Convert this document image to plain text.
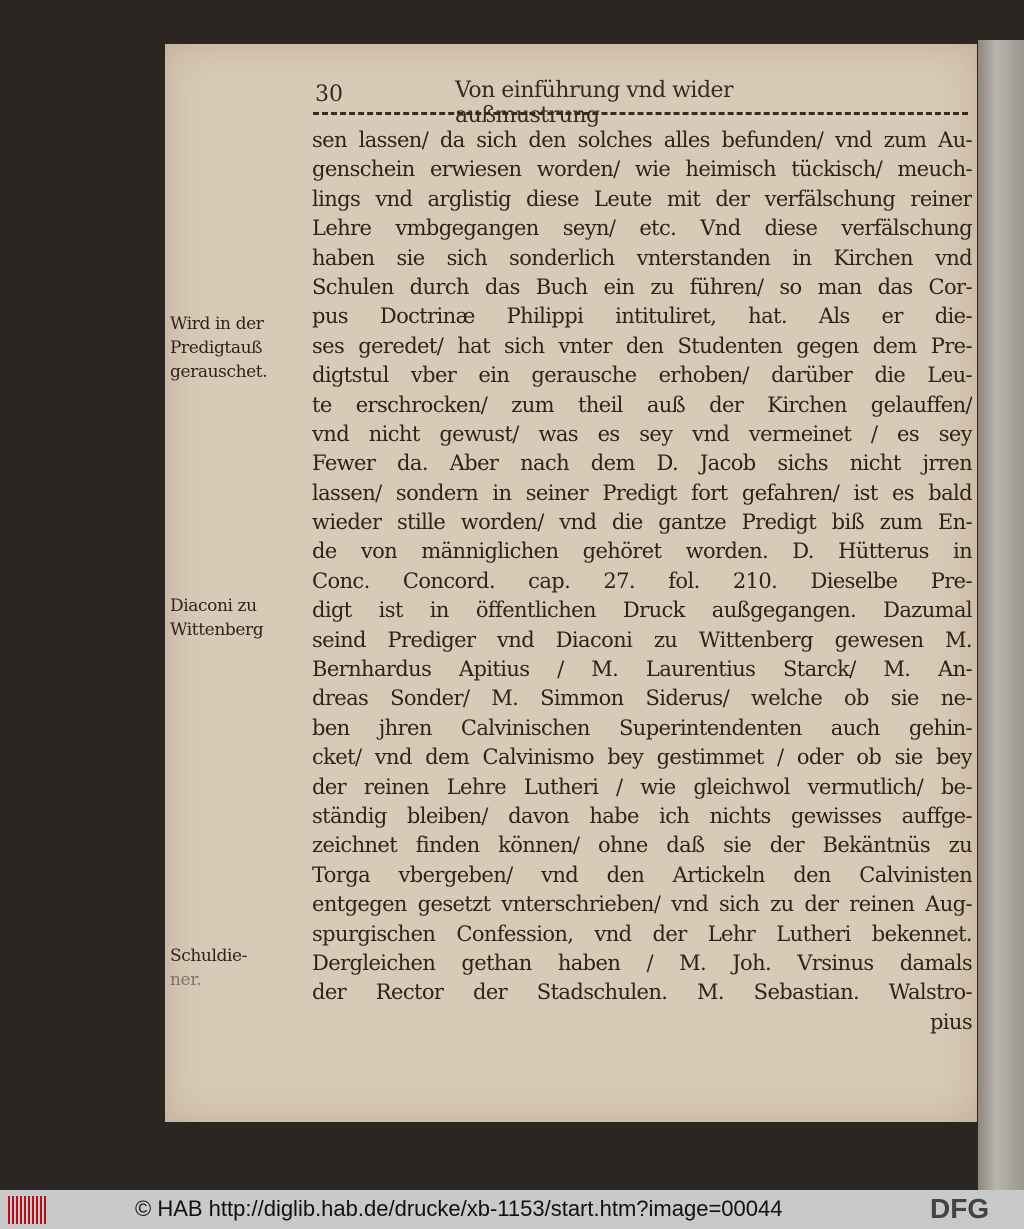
30	Von einführung vnd wider außmustrung
Wird in der
Predigtauß
gerauschet.
Diaconi zu
Wittenberg
Schuldie-
ner.
sen lassen/ da sich den solches alles befunden/ vnd zum Au-
genschein erwiesen worden/ wie heimisch tückisch/ meuch-
lings vnd arglistig diese Leute mit der verfälschung reiner
Lehre vmbgegangen seyn/ etc. Vnd diese verfälschung
haben sie sich sonderlich vnterstanden in Kirchen vnd
Schulen durch das Buch ein zu führen/ so man das Cor-
pus Doctrinæ Philippi intituliret, hat. Als er die-
ses geredet/ hat sich vnter den Studenten gegen dem Pre-
digtstul vber ein gerausche erhoben/ darüber die Leu-
te erschrocken/ zum theil auß der Kirchen gelauffen/
vnd nicht gewust/ was es sey vnd vermeinet / es sey
Fewer da. Aber nach dem D. Jacob sichs nicht jrren
lassen/ sondern in seiner Predigt fort gefahren/ ist es bald
wieder stille worden/ vnd die gantze Predigt biß zum En-
de von männiglichen gehöret worden. D. Hütterus in
Conc. Concord. cap. 27. fol. 210. Dieselbe Pre-
digt ist in öffentlichen Druck außgegangen. Dazumal
seind Prediger vnd Diaconi zu Wittenberg gewesen M.
Bernhardus Apitius / M. Laurentius Starck/ M. An-
dreas Sonder/ M. Simmon Siderus/ welche ob sie ne-
ben jhren Calvinischen Superintendenten auch gehin-
cket/ vnd dem Calvinismo bey gestimmet / oder ob sie bey
der reinen Lehre Lutheri / wie gleichwol vermutlich/ be-
ständig bleiben/ davon habe ich nichts gewisses auffge-
zeichnet finden können/ ohne daß sie der Bekäntnüs zu
Torga vbergeben/ vnd den Artickeln den Calvinisten
entgegen gesetzt vnterschrieben/ vnd sich zu der reinen Aug-
spurgischen Confession, vnd der Lehr Lutheri bekennet.
Dergleichen gethan haben / M. Joh. Vrsinus damals
der Rector der Stadschulen. M. Sebastian. Walstro-
pius
© HAB http://diglib.hab.de/drucke/xb-1153/start.htm?image=00044	DFG
